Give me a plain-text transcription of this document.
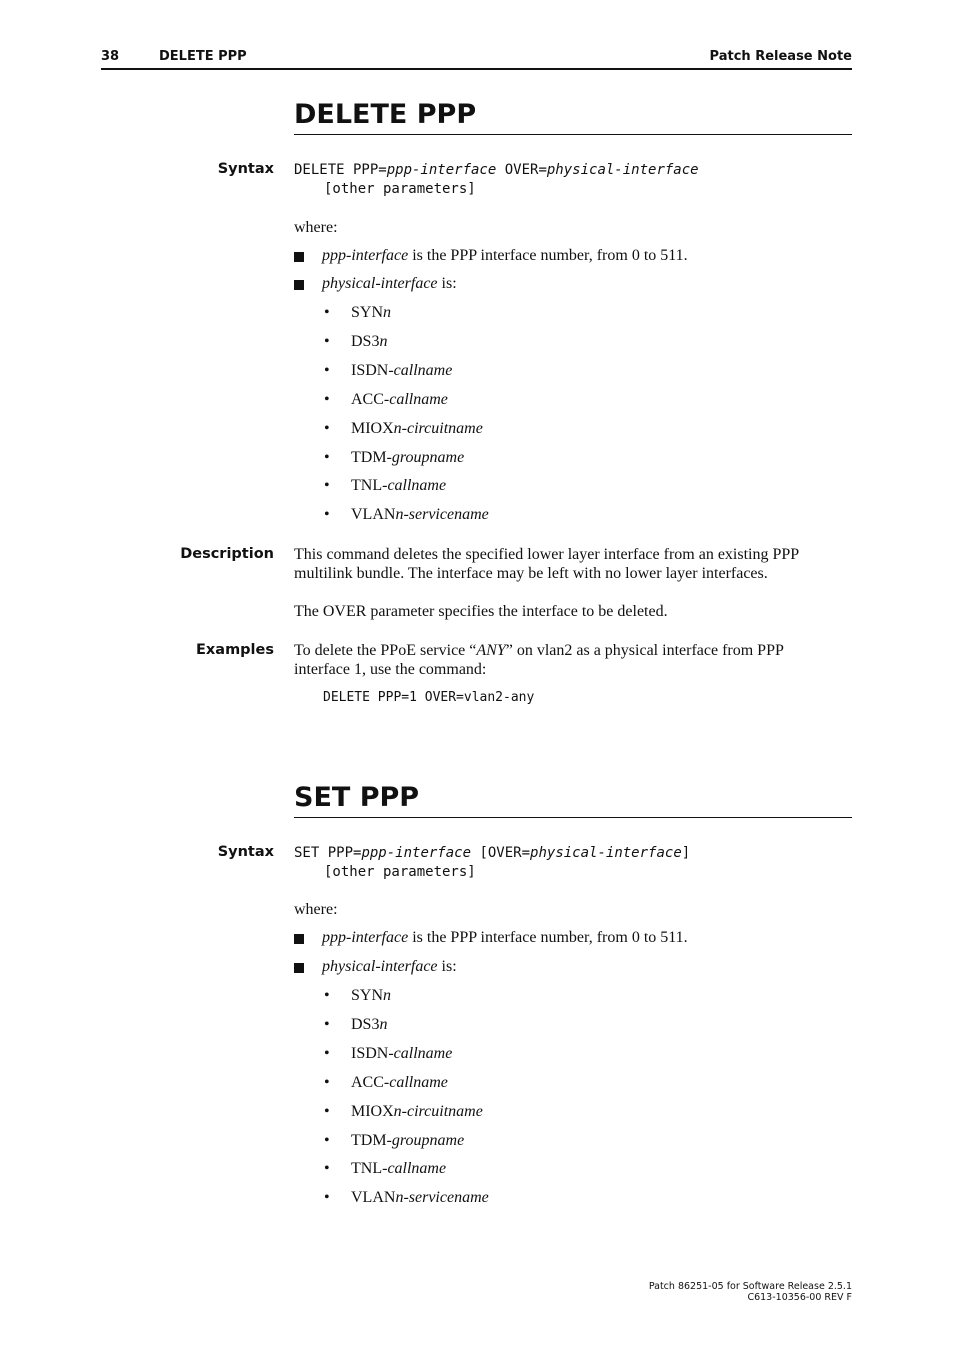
38	DELETE PPP	Patch Release Note
DELETE PPP
Syntax DELETE PPP=ppp-interface OVER=physical-interface
[other parameters]
where:
ppp-interface is the PPP interface number, from 0 to 511.
physical-interface is:
• SYNn
• DS3n
• ISDN-callname
• ACC-callname
• MIOXn-circuitname
• TDM-groupname
• TNL-callname
• VLANn-servicename
Description This command deletes the specified lower layer interface from an existing PPP
multilink bundle. The interface may be left with no lower layer interfaces.
The OVER parameter specifies the interface to be deleted.
Examples To delete the PPoE service “ANY” on vlan2 as a physical interface from PPP
interface 1, use the command:
DELETE PPP=1 OVER=vlan2-any
SET PPP
Syntax SET PPP=ppp-interface [OVER=physical-interface]
[other parameters]
where:
ppp-interface is the PPP interface number, from 0 to 511.
physical-interface is:
• SYNn
• DS3n
• ISDN-callname
• ACC-callname
• MIOXn-circuitname
• TDM-groupname
• TNL-callname
• VLANn-servicename
Patch 86251-05 for Software Release 2.5.1
C613-10356-00 REV F
